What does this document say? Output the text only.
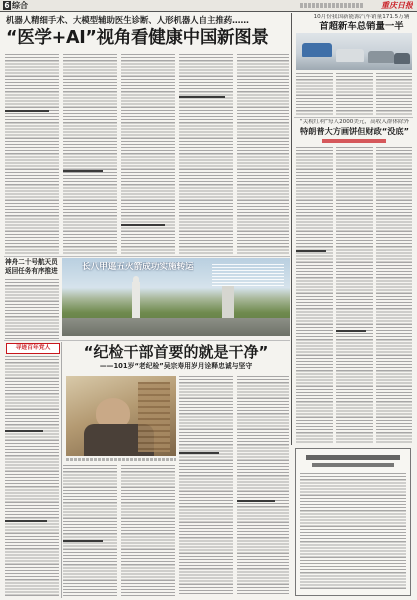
6 综合	重庆日报
机器人精细手术、大模型辅助医生诊断、人形机器人自主推药……
“医学+AI”视角看健康中国新图景
10月份我国新能源汽车销量171.5万辆
首超新车总销量一半
“关税红利”每人2000美元，高收入群体除外
特朗普大方画饼但财政“没底”
神舟二十号航天员返回任务有序推进	长八甲遥五火箭成功实施转运
寻迹百年党人	“纪检干部首要的就是干净”
——101岁“老纪检”吴宗寿用岁月诠释忠诚与坚守
